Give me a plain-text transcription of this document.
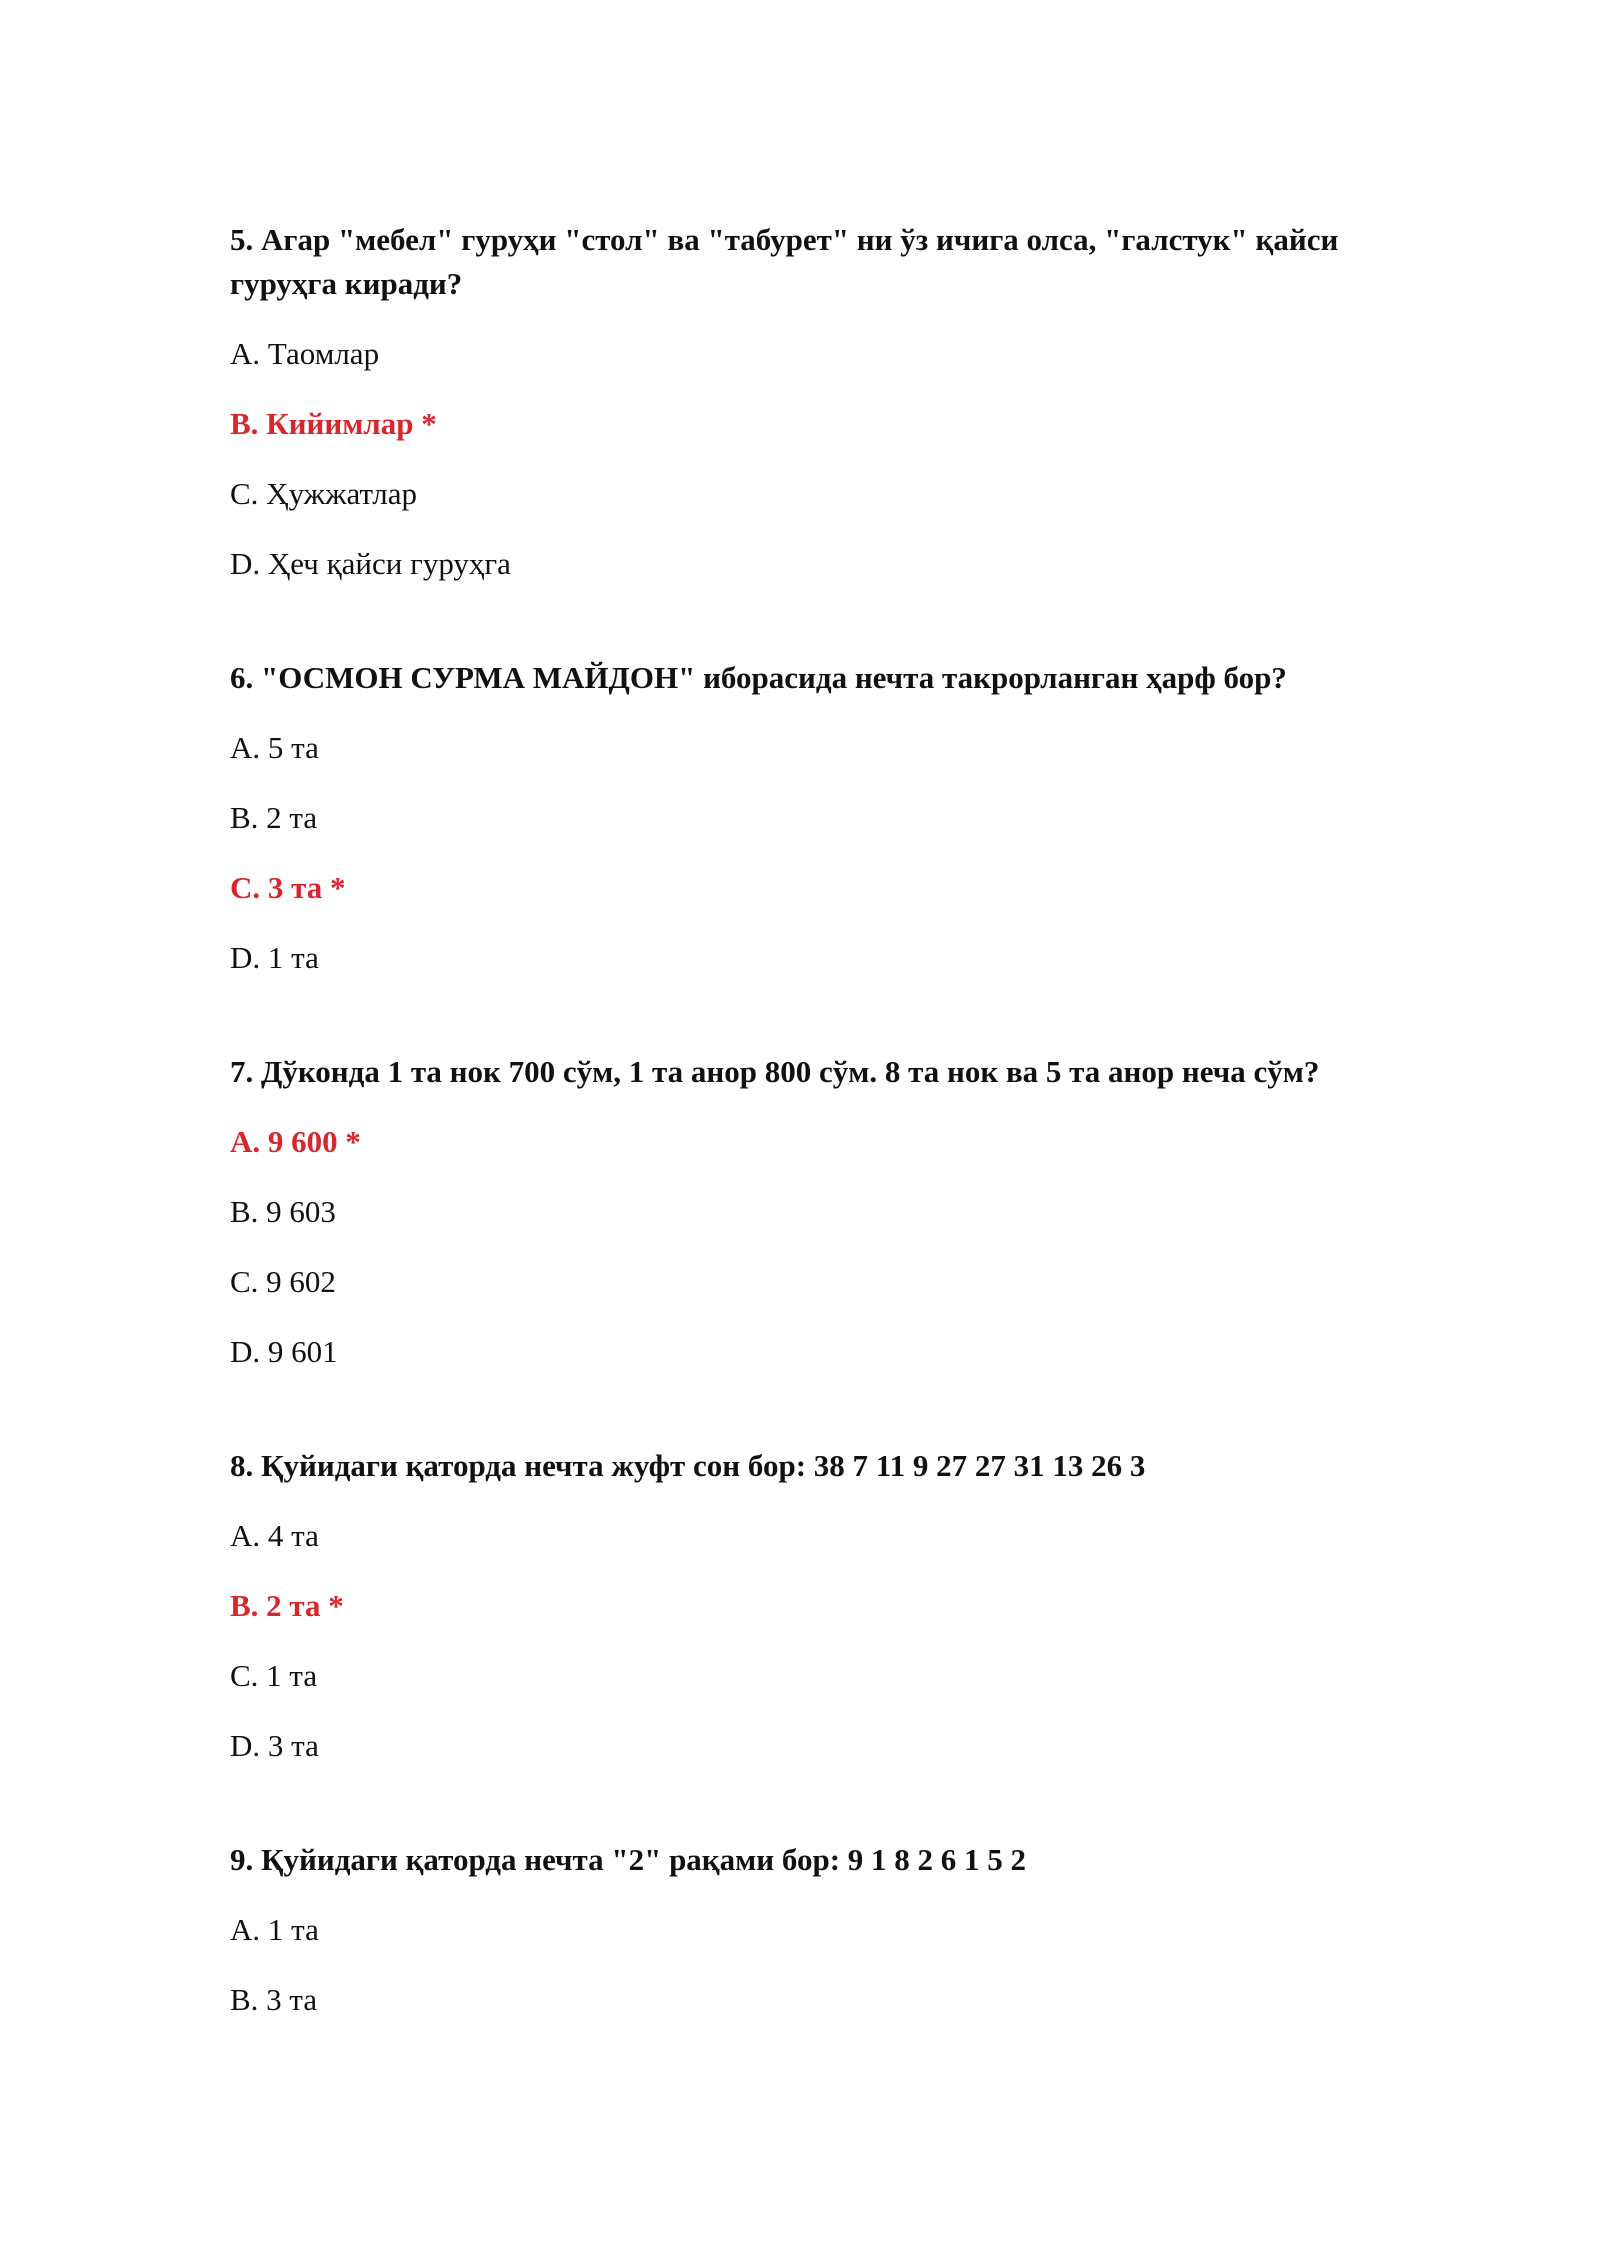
5. Агар "мебел" гуруҳи "стол" ва "табурет" ни ўз ичига олса, "галстук" қайси гуруҳга киради?

A. Таомлар
B. Кийимлар *
C. Ҳужжатлар
D. Ҳеч қайси гуруҳга

6. "ОСМОН СУРМА МАЙДОН" иборасида нечта такрорланган ҳарф бор?

A. 5 та
B. 2 та
C. 3 та *
D. 1 та

7. Дўконда 1 та нок 700 сўм, 1 та анор 800 сўм. 8 та нок ва 5 та анор неча сўм?

A. 9 600 *
B. 9 603
C. 9 602
D. 9 601

8. Қуйидаги қаторда нечта жуфт сон бор: 38 7 11 9 27 27 31 13 26 3

A. 4 та
B. 2 та *
C. 1 та
D. 3 та

9. Қуйидаги қаторда нечта "2" рақами бор: 9 1 8 2 6 1 5 2

A. 1 та
B. 3 та
